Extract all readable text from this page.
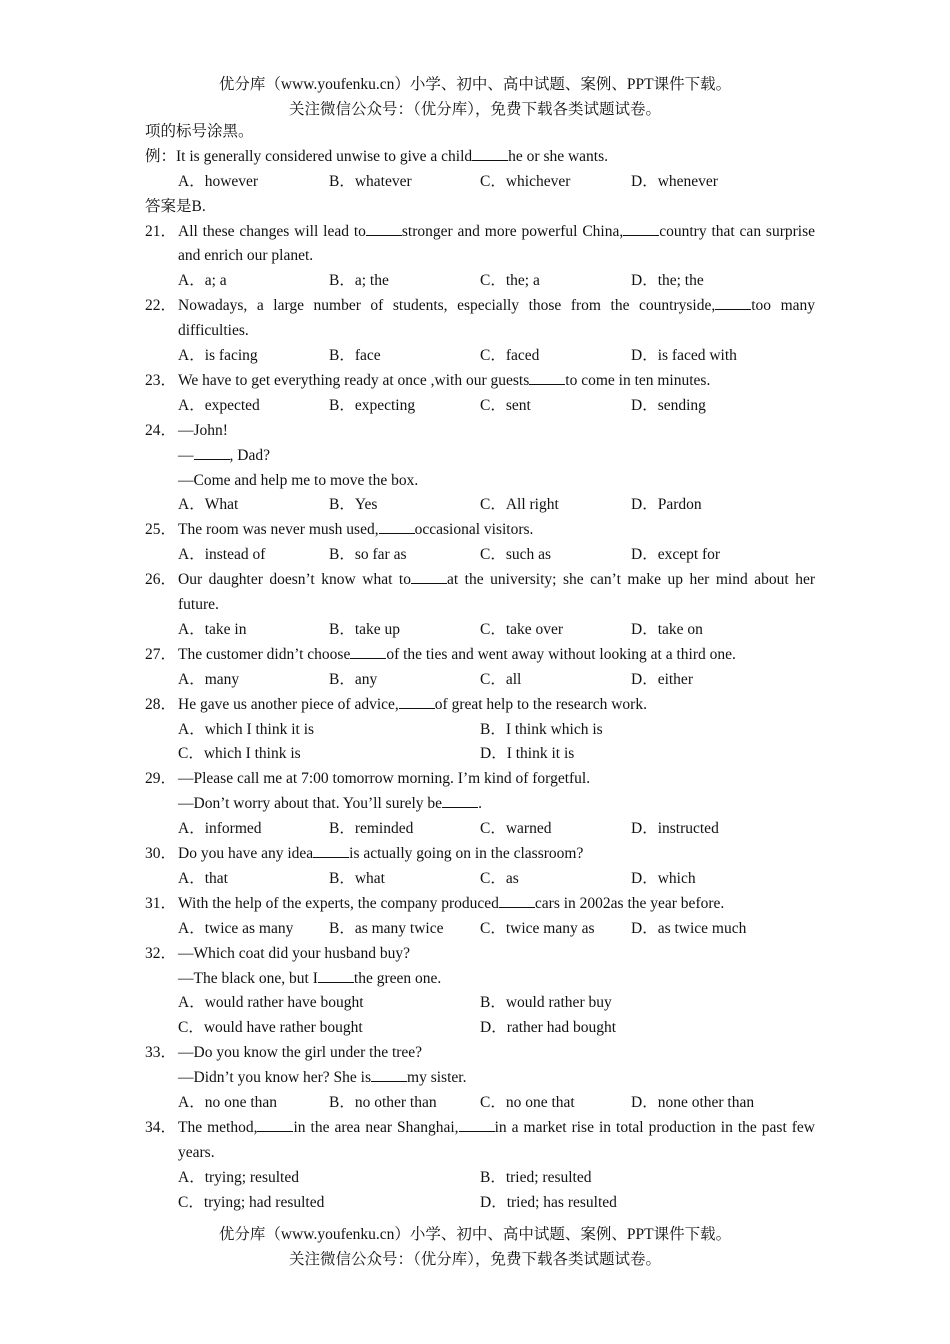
优分库（www.youfenku.cn）小学、初中、高中试题、案例、PPT课件下载。
关注微信公众号：（优分库），免费下载各类试题试卷。
项的标号涂黑。
例：It is generally considered unwise to give a child he or she wants.
A．however	B．whatever	C．whichever	D．whenever
答案是B.
21． All these changes will lead to stronger and more powerful China, country that can surprise and enrich our planet.
A．a; a	B．a; the	C．the; a	D．the; the
22． Nowadays, a large number of students, especially those from the countryside, too many difficulties.
A．is facing	B．face	C．faced	D．is faced with
23． We have to get everything ready at once ,with our guests to come in ten minutes.
A．expected	B．expecting	C．sent	D．sending
24． —John!
— , Dad?
—Come and help me to move the box.
A．What	B．Yes	C．All right	D．Pardon
25． The room was never mush used, occasional visitors.
A．instead of	B．so far as	C．such as	D．except for
26． Our daughter doesn’t know what to at the university; she can’t make up her mind about her future.
A．take in	B．take up	C．take over	D．take on
27． The customer didn’t choose of the ties and went away without looking at a third one.
A．many	B．any	C．all	D．either
28． He gave us another piece of advice, of great help to the research work.
A．which I think it is	B．I think which is
C．which I think is	D．I think it is
29． —Please call me at 7:00 tomorrow morning. I’m kind of forgetful.
—Don’t worry about that. You’ll surely be .
A．informed	B．reminded	C．warned	D．instructed
30． Do you have any idea is actually going on in the classroom?
A．that	B．what	C．as	D．which
31． With the help of the experts, the company produced cars in 2002as the year before.
A．twice as many	B．as many twice	C．twice many as	D．as twice much
32． —Which coat did your husband buy?
—The black one, but I the green one.
A．would rather have bought	B．would rather buy
C．would have rather bought	D．rather had bought
33． —Do you know the girl under the tree?
—Didn’t you know her? She is my sister.
A．no one than	B．no other than	C．no one that	D．none other than
34． The method, in the area near Shanghai, in a market rise in total production in the past few years.
A．trying; resulted	B．tried; resulted
C．trying; had resulted	D．tried; has resulted
优分库（www.youfenku.cn）小学、初中、高中试题、案例、PPT课件下载。
关注微信公众号：（优分库），免费下载各类试题试卷。
